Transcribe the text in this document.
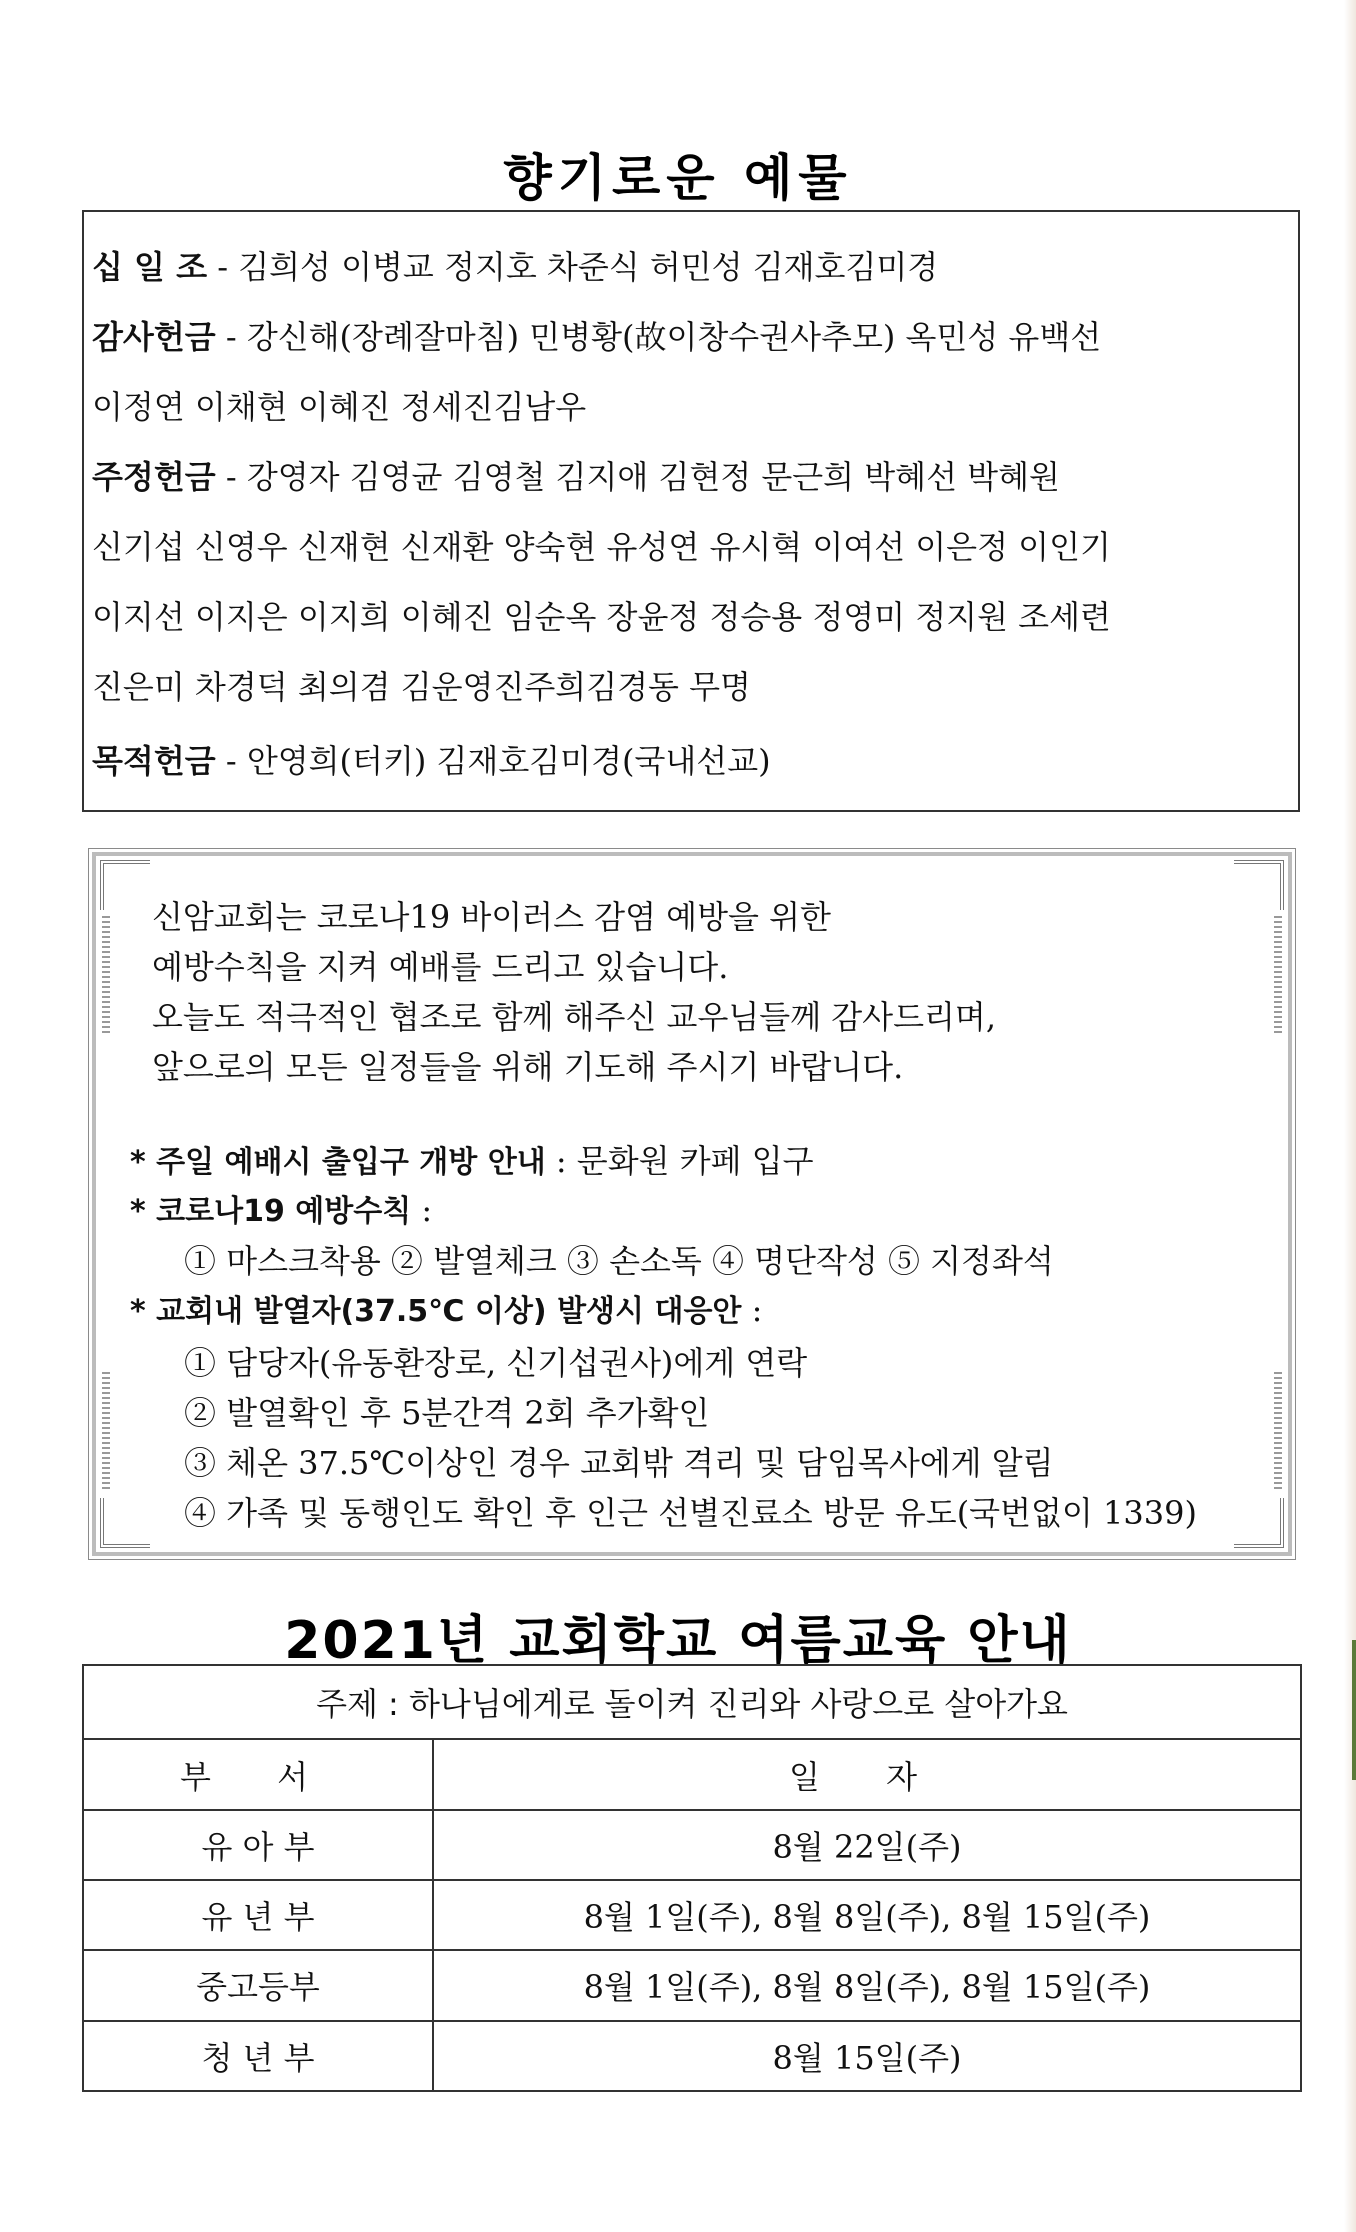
향기로운 예물
십 일 조 - 김희성 이병교 정지호 차준식 허민성 김재호김미경
감사헌금 - 강신해(장례잘마침) 민병황(故이창수권사추모) 옥민성 유백선
이정연 이채현 이혜진 정세진김남우
주정헌금 - 강영자 김영균 김영철 김지애 김현정 문근희 박혜선 박혜원
신기섭 신영우 신재현 신재환 양숙현 유성연 유시혁 이여선 이은정 이인기
이지선 이지은 이지희 이혜진 임순옥 장윤정 정승용 정영미 정지원 조세련
진은미 차경덕 최의겸 김운영진주희김경동 무명
목적헌금 - 안영희(터키) 김재호김미경(국내선교)
신암교회는 코로나19 바이러스 감염 예방을 위한
예방수칙을 지켜 예배를 드리고 있습니다.
오늘도 적극적인 협조로 함께 해주신 교우님들께 감사드리며,
앞으로의 모든 일정들을 위해 기도해 주시기 바랍니다.
* 주일 예배시 출입구 개방 안내 : 문화원 카페 입구
* 코로나19 예방수칙 :
① 마스크착용 ② 발열체크 ③ 손소독 ④ 명단작성 ⑤ 지정좌석
* 교회내 발열자(37.5℃ 이상) 발생시 대응안 :
① 담당자(유동환장로, 신기섭권사)에게 연락
② 발열확인 후 5분간격 2회 추가확인
③ 체온 37.5℃이상인 경우 교회밖 격리 및 담임목사에게 알림
④ 가족 및 동행인도 확인 후 인근 선별진료소 방문 유도(국번없이 1339)
2021년 교회학교 여름교육 안내
주제 : 하나님에게로 돌이켜 진리와 사랑으로 살아가요	
부 서	일 자
유 아 부	8월 22일(주)
유 년 부	8월 1일(주), 8월 8일(주), 8월 15일(주)
중고등부	8월 1일(주), 8월 8일(주), 8월 15일(주)
청 년 부	8월 15일(주)
